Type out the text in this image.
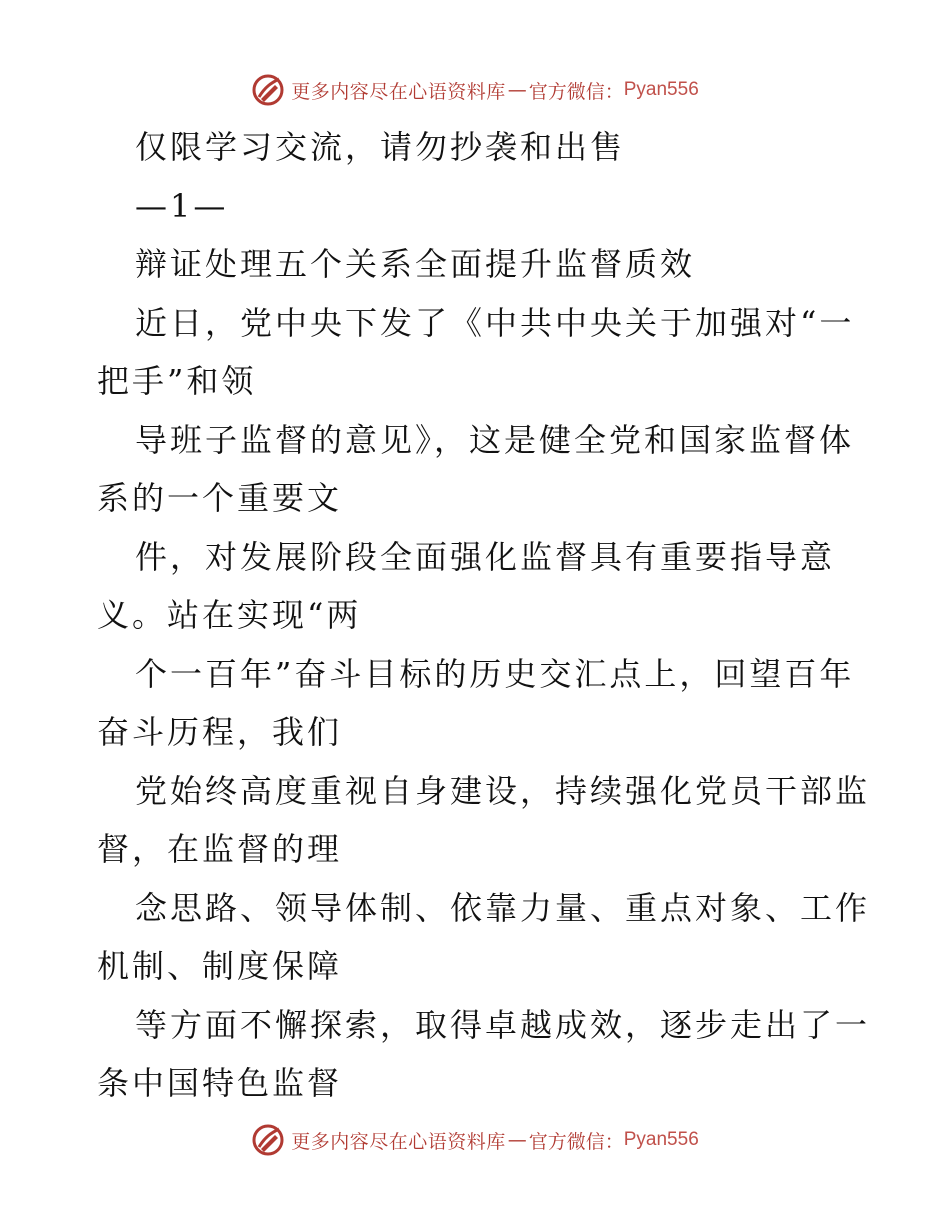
更多内容尽在心语资料库 — 官方微信： Pyan556
仅限学习交流，请勿抄袭和出售
—1—
辩证处理五个关系全面提升监督质效
近日，党中央下发了《中共中央关于加强对“一
把手”和领
导班子监督的意见》，这是健全党和国家监督体
系的一个重要文
件，对发展阶段全面强化监督具有重要指导意
义。站在实现“两
个一百年”奋斗目标的历史交汇点上，回望百年
奋斗历程，我们
党始终高度重视自身建设，持续强化党员干部监
督，在监督的理
念思路、领导体制、依靠力量、重点对象、工作
机制、制度保障
等方面不懈探索，取得卓越成效，逐步走出了一
条中国特色监督
更多内容尽在心语资料库 — 官方微信： Pyan556
